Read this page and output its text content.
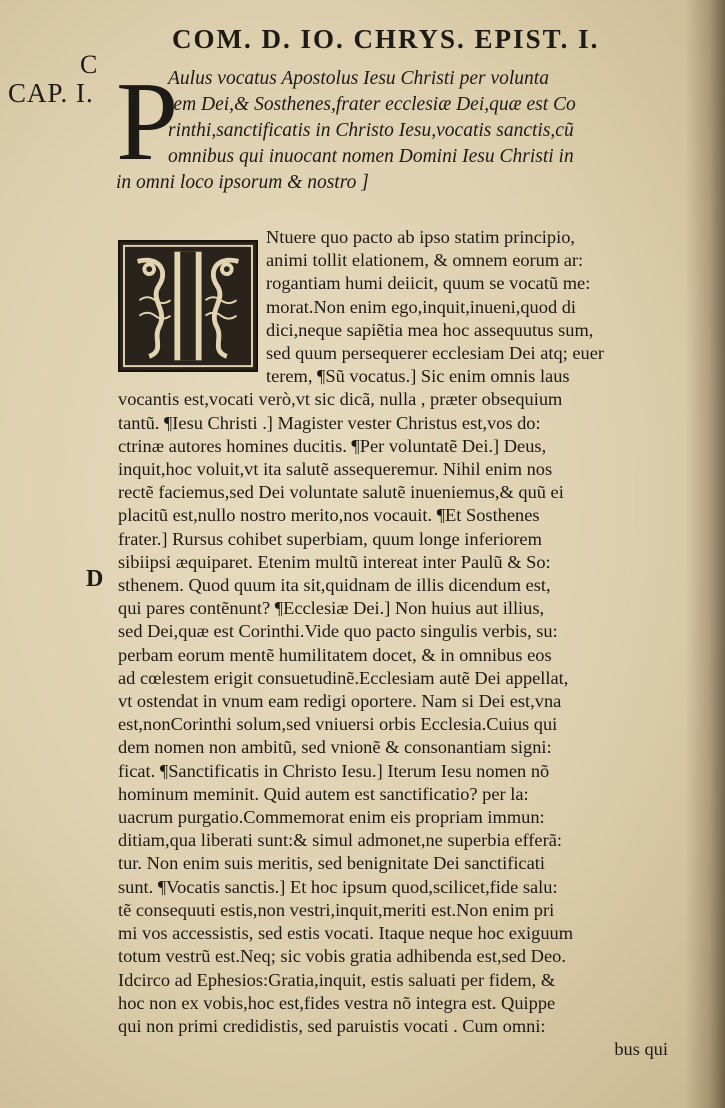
COM. D. IO. CHRYS. EPIST. I.
C
CAP. I.
D
P
Aulus vocatus Apostolus Iesu Christi per volunta
tem Dei,& Sosthenes,frater ecclesiæ Dei,quæ est Co
rinthi,sanctificatis in Christo Iesu,vocatis sanctis,cũ
omnibus qui inuocant nomen Domini Iesu Christi in
in omni loco ipsorum & nostro ]
Ntuere quo pacto ab ipso statim principio,
animi tollit elationem, & omnem eorum ar:
rogantiam humi deiicit, quum se vocatũ me:
morat.Non enim ego,inquit,inueni,quod di
dici,neque sapiẽtia mea hoc assequutus sum,
sed quum persequerer ecclesiam Dei atq; euer
terem, ¶Sũ vocatus.] Sic enim omnis laus
vocantis est,vocati verò,vt sic dicã, nulla , præter obsequium
tantũ. ¶Iesu Christi .] Magister vester Christus est,vos do:
ctrinæ autores homines ducitis. ¶Per voluntatẽ Dei.] Deus,
inquit,hoc voluit,vt ita salutẽ assequeremur. Nihil enim nos
rectẽ faciemus,sed Dei voluntate salutẽ inueniemus,& quũ ei
placitũ est,nullo nostro merito,nos vocauit. ¶Et Sosthenes
frater.] Rursus cohibet superbiam, quum longe inferiorem
sibiipsi æquiparet. Etenim multũ intereat inter Paulũ & So:
sthenem. Quod quum ita sit,quidnam de illis dicendum est,
qui pares contẽnunt? ¶Ecclesiæ Dei.] Non huius aut illius,
sed Dei,quæ est Corinthi.Vide quo pacto singulis verbis, su:
perbam eorum mentẽ humilitatem docet, & in omnibus eos
ad cœlestem erigit consuetudinẽ.Ecclesiam autẽ Dei appellat,
vt ostendat in vnum eam redigi oportere. Nam si Dei est,vna
est,nonCorinthi solum,sed vniuersi orbis Ecclesia.Cuius qui
dem nomen non ambitũ, sed vnionẽ & consonantiam signi:
ficat. ¶Sanctificatis in Christo Iesu.] Iterum Iesu nomen nõ
hominum meminit. Quid autem est sanctificatio? per la:
uacrum purgatio.Commemorat enim eis propriam immun:
ditiam,qua liberati sunt:& simul admonet,ne superbia efferã:
tur. Non enim suis meritis, sed benignitate Dei sanctificati
sunt. ¶Vocatis sanctis.] Et hoc ipsum quod,scilicet,fide salu:
tẽ consequuti estis,non vestri,inquit,meriti est.Non enim pri
mi vos accessistis, sed estis vocati. Itaque neque hoc exiguum
totum vestrũ est.Neq; sic vobis gratia adhibenda est,sed Deo.
Idcirco ad Ephesios:Gratia,inquit, estis saluati per fidem, &
hoc non ex vobis,hoc est,fides vestra nõ integra est. Quippe
qui non primi credidistis, sed paruistis vocati . Cum omni:
bus qui
